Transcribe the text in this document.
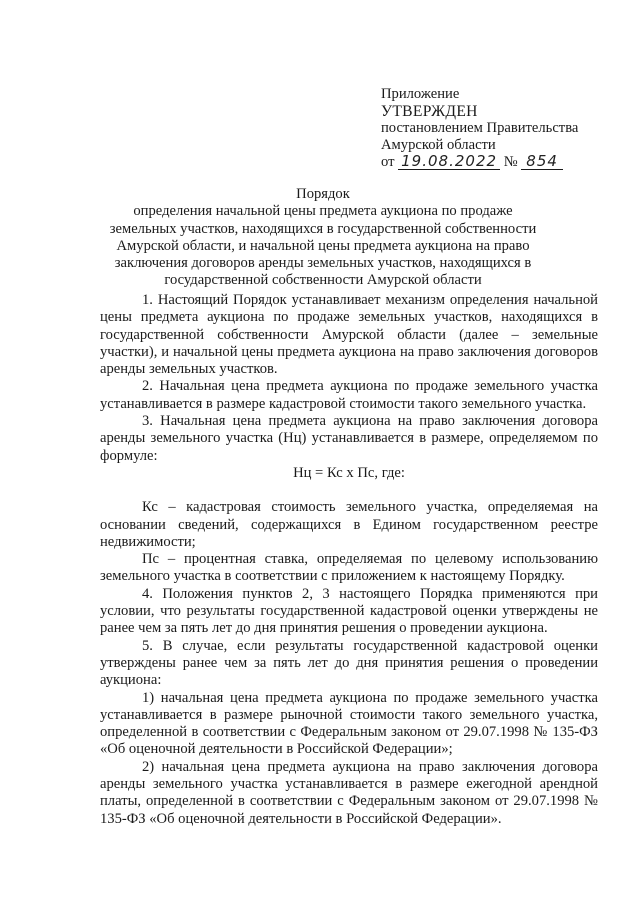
Приложение
УТВЕРЖДЕН
постановлением Правительства
Амурской области
от 19.08.2022 № 854
Порядок
определения начальной цены предмета аукциона по продаже земельных участков, находящихся в государственной собственности Амурской области, и начальной цены предмета аукциона на право заключения договоров аренды земельных участков, находящихся в государственной собственности Амурской области

1. Настоящий Порядок устанавливает механизм определения начальной цены предмета аукциона по продаже земельных участков, находящихся в государственной собственности Амурской области (далее – земельные участки), и начальной цены предмета аукциона на право заключения договоров аренды земельных участков.

2. Начальная цена предмета аукциона по продаже земельного участка устанавливается в размере кадастровой стоимости такого земельного участка.

3. Начальная цена предмета аукциона на право заключения договора аренды земельного участка (Нц) устанавливается в размере, определяемом по формуле:

Нц = Кс х Пс, где:

Кс – кадастровая стоимость земельного участка, определяемая на основании сведений, содержащихся в Едином государственном реестре недвижимости;

Пс – процентная ставка, определяемая по целевому использованию земельного участка в соответствии с приложением к настоящему Порядку.

4. Положения пунктов 2, 3 настоящего Порядка применяются при условии, что результаты государственной кадастровой оценки утверждены не ранее чем за пять лет до дня принятия решения о проведении аукциона.

5. В случае, если результаты государственной кадастровой оценки утверждены ранее чем за пять лет до дня принятия решения о проведении аукциона:

1) начальная цена предмета аукциона по продаже земельного участка устанавливается в размере рыночной стоимости такого земельного участка, определенной в соответствии с Федеральным законом от 29.07.1998 № 135-ФЗ «Об оценочной деятельности в Российской Федерации»;

2) начальная цена предмета аукциона на право заключения договора аренды земельного участка устанавливается в размере ежегодной арендной платы, определенной в соответствии с Федеральным законом от 29.07.1998 № 135-ФЗ «Об оценочной деятельности в Российской Федерации».
